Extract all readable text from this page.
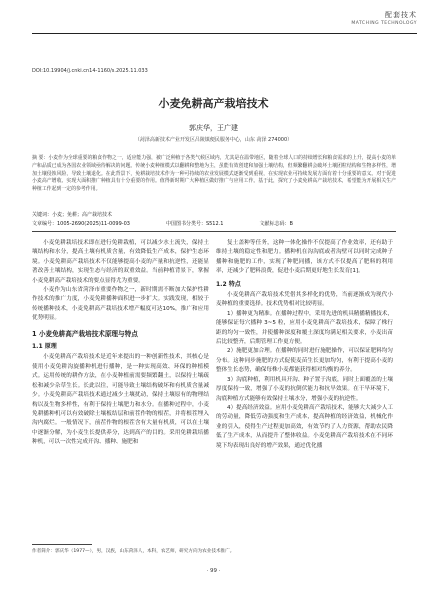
配套技术
MATCHING TECHNOLOGY
DOI:10.19904/j.cnki.cn14-1160/s.2025.11.033
小麦免耕高产栽培技术
郭庆华，王广建
（菏泽高新技术产业开发区吕陵镇便民服务中心，山东 菏泽 274000）
摘 要：小麦作为全球重要的粮食作物之一，适应能力强，被广泛种植于各类气候区域内，尤其是在温带地区，随着全球人口的持续增长和粮食需求的上升，提高小麦的单产和品质已成为各国农业领域亟待解决的问题。传统小麦种植模式以翻耕和整地为主，虽能有效创建和加强土壤结构，但频繁翻耕会破坏土壤团粒结构和生物多样性，增加土壤侵蚀风险，导致土壤退化。在此背景下，免耕栽培技术作为一种可持续的农业发展模式逐渐受到重视，在实现农业可持续发展方面有着十分重要的意义。对于促进小麦高产增收、实现大面积推广种植具有十分重要的作用。值得新时期广大种植区做好推广与应用工作。基于此，探究了小麦免耕高产栽培技术，希望能为开展相关生产种植工作起到一定的参考作用。
关键词：小麦；免耕；高产栽培技术
文章编号：1005-2690(2025)11-0099-03	中国图书分类号：S512.1	文献标志码：B

小麦免耕栽培技术即在进行免耕栽植，可以减少水土流失，保持土壤结构和水分，提高土壤有机质含量，有效降低生产成本，保护生态环境。小麦免耕高产栽培技术不仅能够提高小麦的产量和抗逆性，还能显著改善土壤结构，实现生态与经济的双重效益。当前种植背景下，掌握小麦免耕高产栽培技术的要点显得尤为重要。

小麦作为山东省菏泽市重要作物之一，新时期需不断加大保护性耕作技术的推广力度，小麦免耕播种面积进一步扩大。实践发现，相较于传统播种技术，小麦免耕高产栽培技术增产幅度可达10%，推广和应用优势明显。

1 小麦免耕高产栽培技术原理与特点
1.1 原理

小麦免耕高产栽培技术是近年来提出的一种创新性技术，其核心是使用小麦免耕沟旋播种机进行播种，是一种实现高效、环保的种植模式。运用传统的耕作方法，在小麦种植前需要频繁翻土，以保持土壤疏松和减少杂草生长。长此以往，可能导致土壤结构破坏和有机质含量减少。小麦免耕高产栽培技术通过减少土壤扰动，保持土壤原有的物理结构以及生物多样性，有利于保持土壤肥力和水分。在播种过程中，小麦免耕播种机可以有效破除土壤板结层和前茬作物的根茬，并将根茬埋入沟内腐烂。一般情况下，前茬作物的根茬含有大量有机质，可以在土壤中逐渐分解，为小麦生长提供养分，达到高产的目的。采用免耕栽培播种机，可以一次性完成开沟、播种、施肥和

复土盖种等任务，这种一体化操作不仅提高了作业效率，还有助于维持土壤的稳定性和肥力。播种机在沟沟底或者沟壁可以同时完成种子播种和施肥的工作，实现了种肥同播，该方式不仅提高了肥料的利用率，还减少了肥料浪费，促进小麦后期更好地生长发育[1]。

1.2 特点

小麦免耕高产栽培技术凭借其多样化的优势，当前逐渐成为现代小麦种植的重要选择。技术优势相对比较明显。

1）播种更为精准。在播种过程中，采用先进的机具精播精播技术，能够保证每穴播种 3~5 粒，应用小麦免耕高产栽培技术，保障了株行距的均匀一致性，并使播种深度和覆土深度均满足相关要求，小麦出苗后比较整齐，后期管理工作更方便。

2）施肥更加合理。在播种的同时进行施肥操作，可以保证肥料均匀分布。这种同步施肥的方式促使麦苗生长更加均匀，有利于提高小麦的整体生长态势，确保每株小麦都能获得相对均衡的养分。

3）沟底种植，利用机具开沟、种子置于沟底，同时上面覆盖的土壤厚度保持一致，增强了小麦的抗倒伏能力和抗旱效果。在干旱环境下，沟底种植方式能够有效保持土壤水分，增强小麦的抗逆性。

4）提高经济效益。应用小麦免耕高产栽培技术，能够大大减少人工的劳动量，降低劳动强度和生产成本，提高种植的经济效益，机械化作业的引入，使得生产过程更加高效，有效节约了人力资源，帮助农民降低了生产成本，从而提升了整体收益。小麦免耕高产栽培技术在不同环境下均表现出良好的增产效果，通过优化播

作者简介：郭庆华（1977—），男，汉族，山东菏泽人，本科，农艺师，研究方向为农业技术推广。
· 99 ·
